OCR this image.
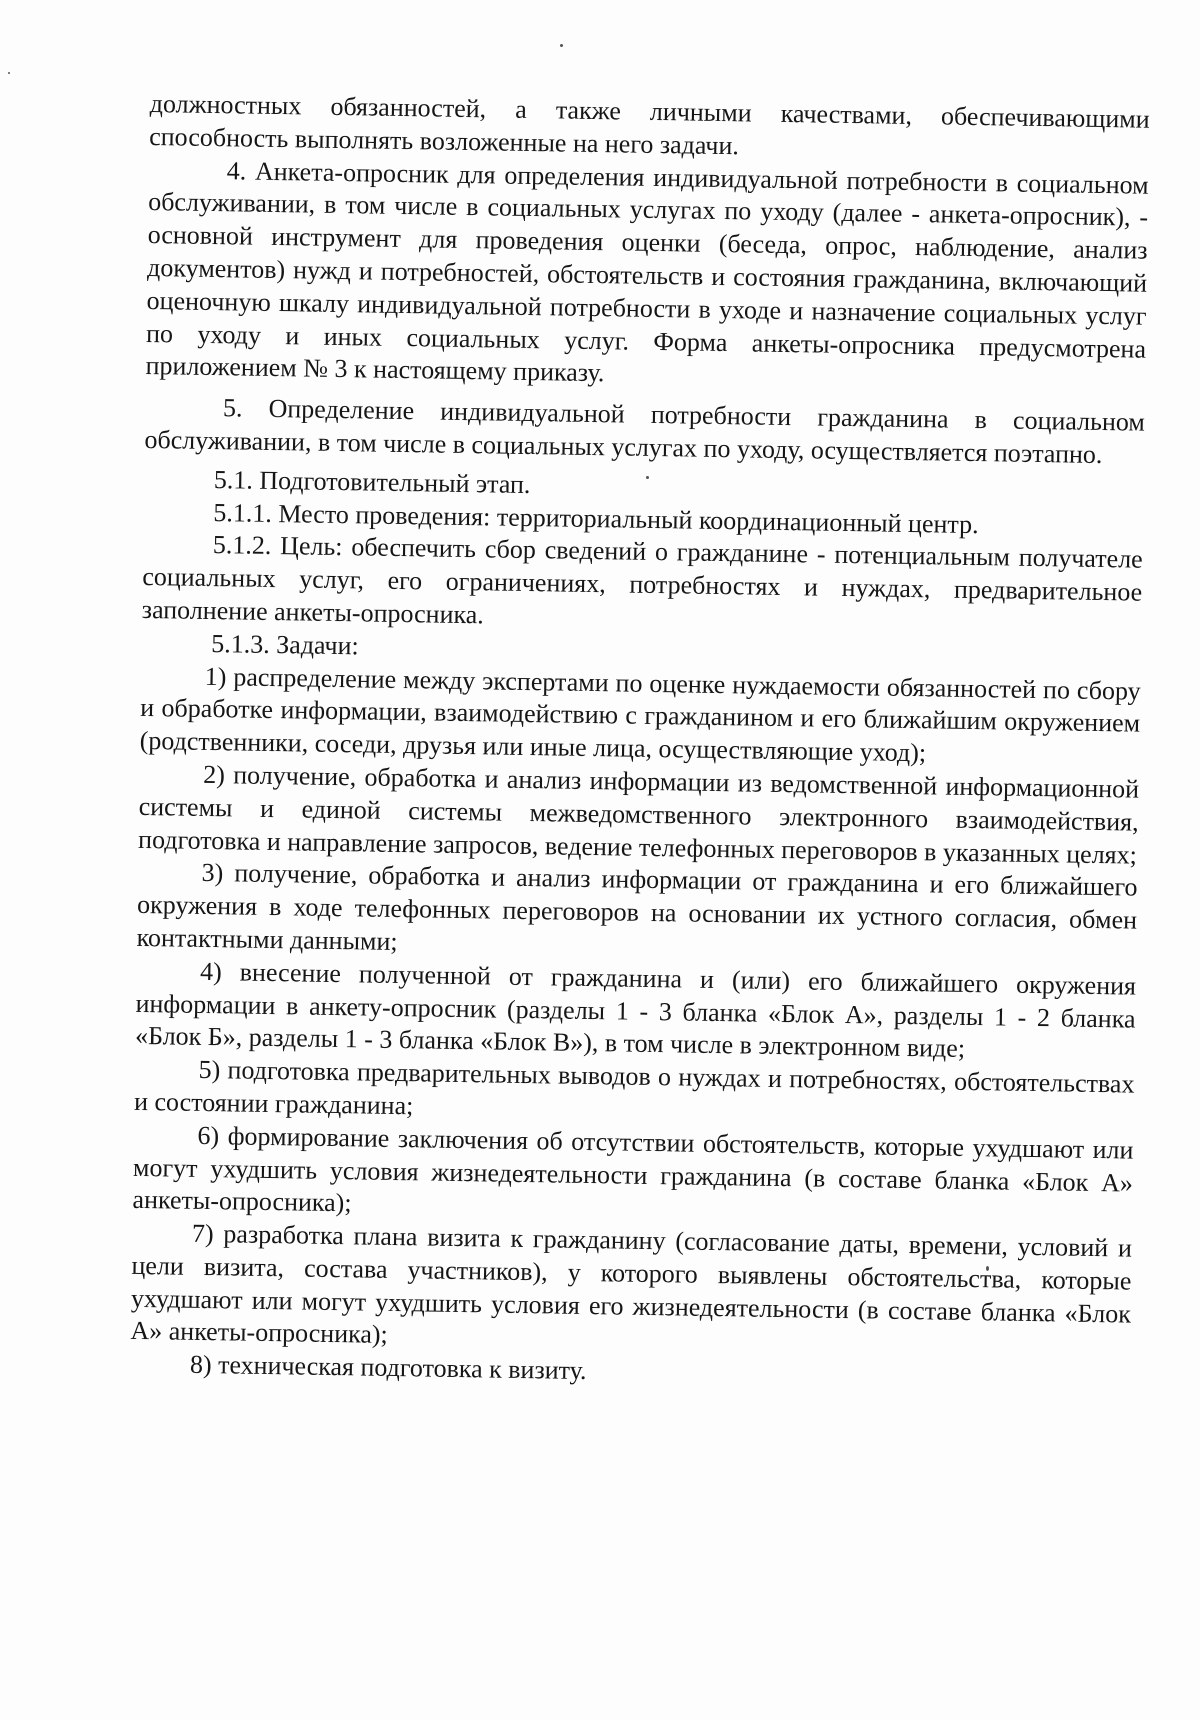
должностных обязанностей, а также личными качествами, обеспечивающими способность выполнять возложенные на него задачи.

4. Анкета-опросник для определения индивидуальной потребности в социальном обслуживании, в том числе в социальных услугах по уходу (далее - анкета-опросник), - основной инструмент для проведения оценки (беседа, опрос, наблюдение, анализ документов) нужд и потребностей, обстоятельств и состояния гражданина, включающий оценочную шкалу индивидуальной потребности в уходе и назначение социальных услуг по уходу и иных социальных услуг. Форма анкеты-опросника предусмотрена приложением № 3 к настоящему приказу.

5. Определение индивидуальной потребности гражданина в социальном обслуживании, в том числе в социальных услугах по уходу, осуществляется поэтапно.

5.1. Подготовительный этап.

5.1.1. Место проведения: территориальный координационный центр.

5.1.2. Цель: обеспечить сбор сведений о гражданине - потенциальным получателе социальных услуг, его ограничениях, потребностях и нуждах, предварительное заполнение анкеты-опросника.

5.1.3. Задачи:

1) распределение между экспертами по оценке нуждаемости обязанностей по сбору и обработке информации, взаимодействию с гражданином и его ближайшим окружением (родственники, соседи, друзья или иные лица, осуществляющие уход);

2) получение, обработка и анализ информации из ведомственной информационной системы и единой системы межведомственного электронного взаимодействия, подготовка и направление запросов, ведение телефонных переговоров в указанных целях;

3) получение, обработка и анализ информации от гражданина и его ближайшего окружения в ходе телефонных переговоров на основании их устного согласия, обмен контактными данными;

4) внесение полученной от гражданина и (или) его ближайшего окружения информации в анкету-опросник (разделы 1 - 3 бланка «Блок А», разделы 1 - 2 бланка «Блок Б», разделы 1 - 3 бланка «Блок В»), в том числе в электронном виде;

5) подготовка предварительных выводов о нуждах и потребностях, обстоятельствах и состоянии гражданина;

6) формирование заключения об отсутствии обстоятельств, которые ухудшают или могут ухудшить условия жизнедеятельности гражданина (в составе бланка «Блок А» анкеты-опросника);

7) разработка плана визита к гражданину (согласование даты, времени, условий и цели визита, состава участников), у которого выявлены обстоятельства, которые ухудшают или могут ухудшить условия его жизнедеятельности (в составе бланка «Блок А» анкеты-опросника);

8) техническая подготовка к визиту.
